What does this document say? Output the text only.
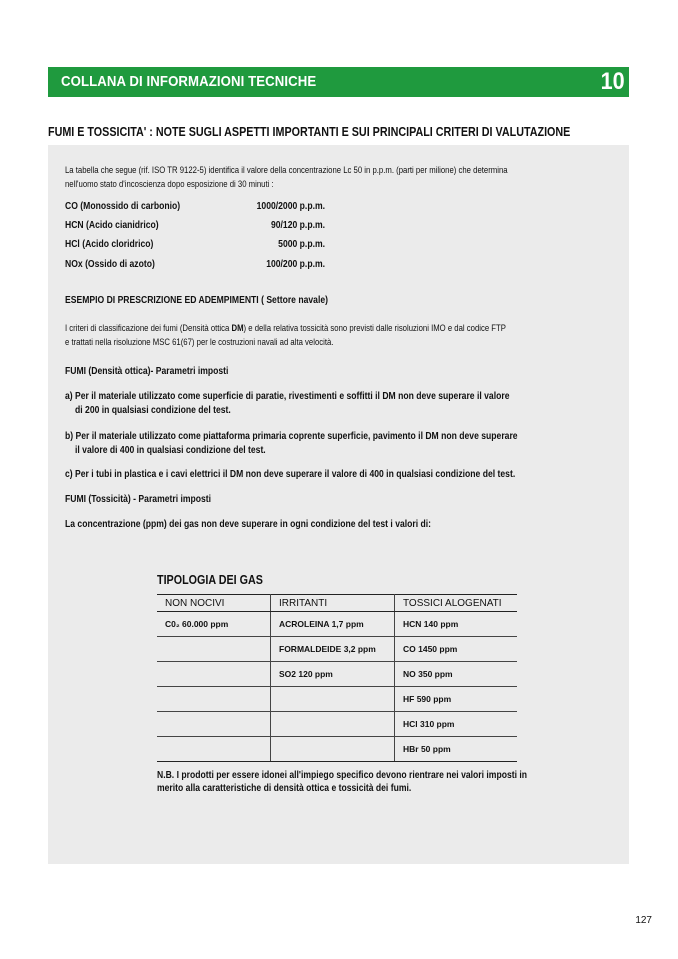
COLLANA DI INFORMAZIONI TECNICHE	10
FUMI E TOSSICITA' : NOTE SUGLI ASPETTI IMPORTANTI E SUI PRINCIPALI CRITERI DI VALUTAZIONE
La tabella che segue (rif. ISO TR 9122-5) identifica il valore della concentrazione Lc 50 in p.p.m. (parti per milione) che determina
nell'uomo stato d'incoscienza dopo esposizione di 30 minuti :
CO (Monossido di carbonio)	1000/2000 p.p.m.
HCN (Acido cianidrico)	90/120 p.p.m.
HCl (Acido cloridrico)	5000 p.p.m.
NOx (Ossido di azoto)	100/200 p.p.m.
ESEMPIO DI PRESCRIZIONE ED ADEMPIMENTI ( Settore navale)
I criteri di classificazione dei fumi (Densità ottica DM) e della relativa tossicità sono previsti dalle risoluzioni IMO e dal codice FTP
e trattati nella risoluzione MSC 61(67) per le costruzioni navali ad alta velocità.
FUMI (Densità ottica)- Parametri imposti
a) Per il materiale utilizzato come superficie di paratie, rivestimenti e soffitti il DM non deve superare il valore
di 200 in qualsiasi condizione del test.
b) Per il materiale utilizzato come piattaforma primaria coprente superficie, pavimento il DM non deve superare
il valore di 400 in qualsiasi condizione del test.
c) Per i tubi in plastica e i cavi elettrici il DM non deve superare il valore di 400 in qualsiasi condizione del test.
FUMI (Tossicità) - Parametri imposti
La concentrazione (ppm) dei gas non deve superare in ogni condizione del test i valori di:
TIPOLOGIA DEI GAS
NON NOCIVI	IRRITANTI	TOSSICI ALOGENATI
C0₂ 60.000 ppm	ACROLEINA 1,7 ppm	HCN 140 ppm
	FORMALDEIDE 3,2 ppm	CO 1450 ppm
	SO2 120 ppm	NO 350 ppm
		HF 590 ppm
		HCl 310 ppm
		HBr 50 ppm
N.B. I prodotti per essere idonei all'impiego specifico devono rientrare nei valori imposti in
merito alla caratteristiche di densità ottica e tossicità dei fumi.
127
